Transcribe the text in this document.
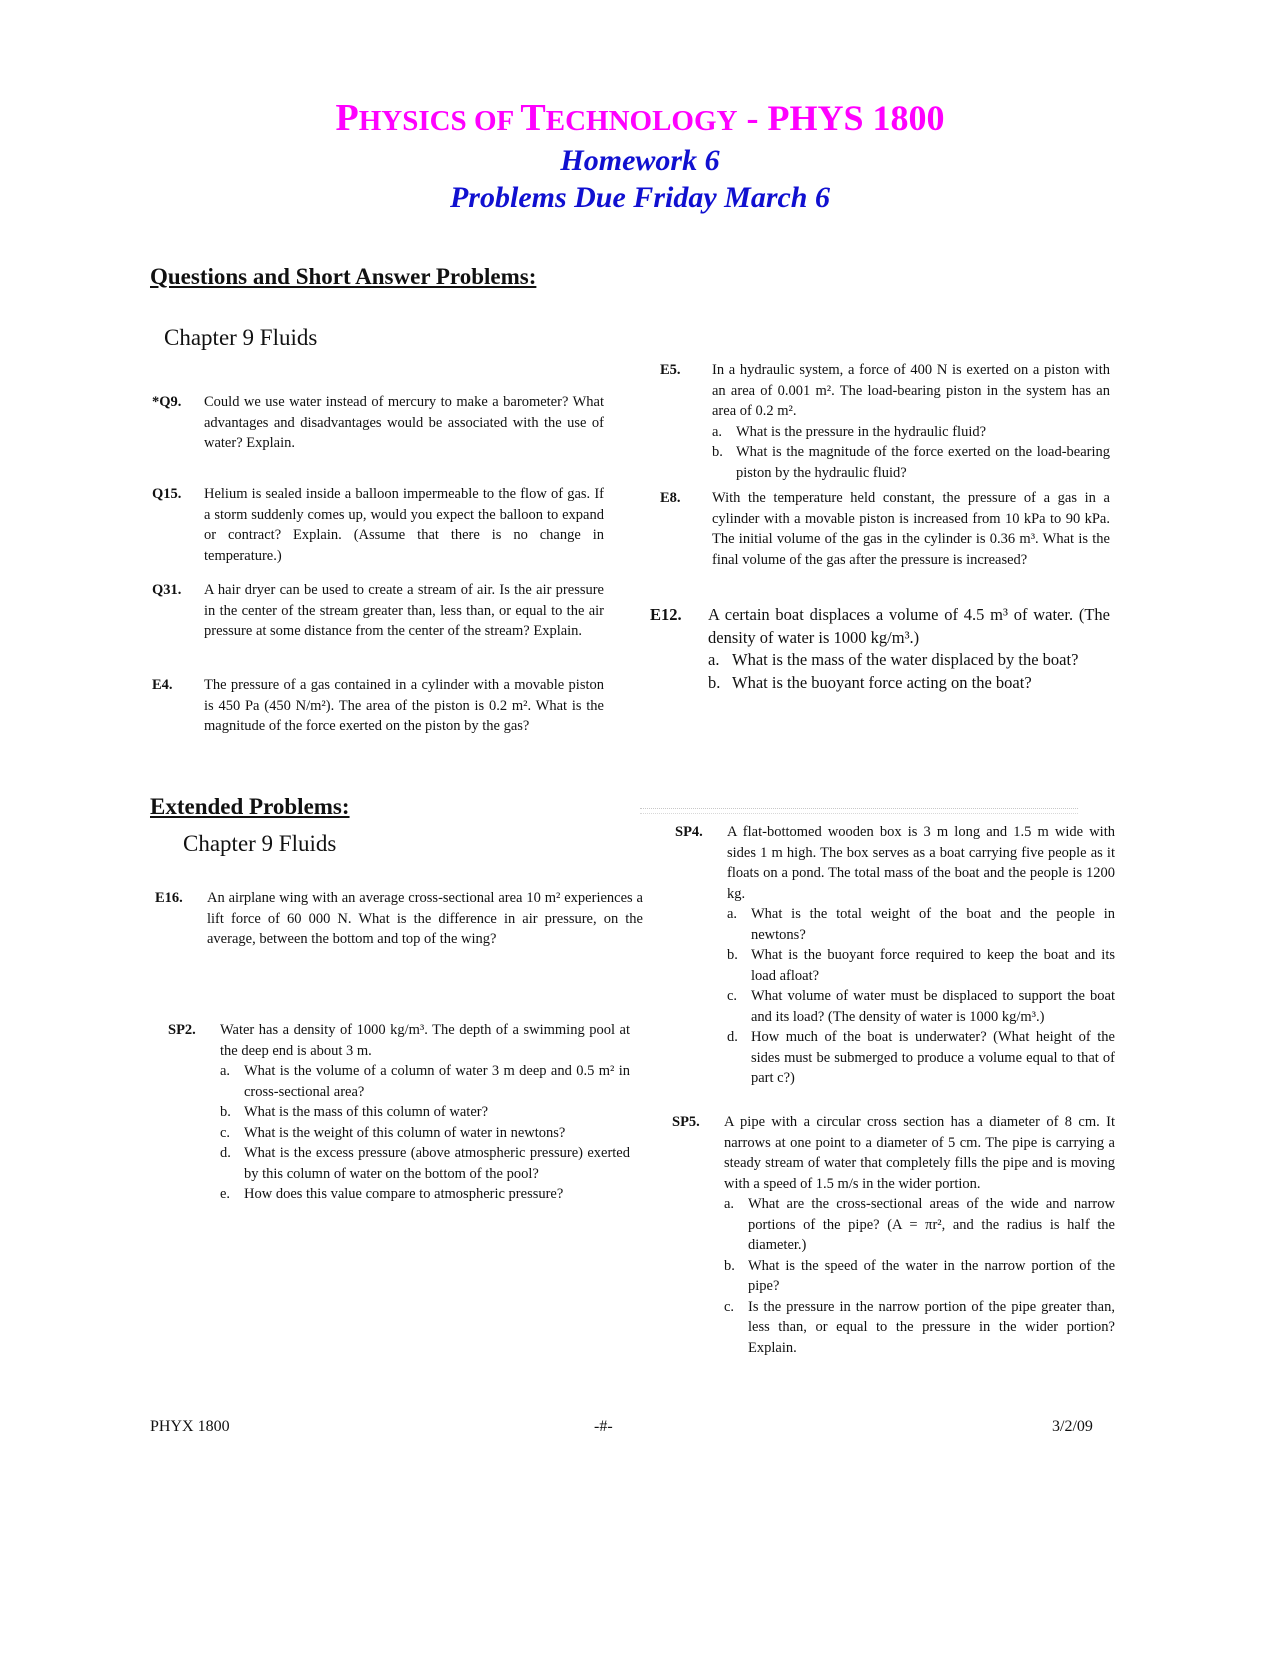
PHYSICS OF TECHNOLOGY - PHYS 1800
Homework 6
Problems Due Friday March 6
Questions and Short Answer Problems:
Chapter 9 Fluids
*Q9. Could we use water instead of mercury to make a barometer? What advantages and disadvantages would be associated with the use of water? Explain.
Q15. Helium is sealed inside a balloon impermeable to the flow of gas. If a storm suddenly comes up, would you expect the balloon to expand or contract? Explain. (Assume that there is no change in temperature.)
Q31. A hair dryer can be used to create a stream of air. Is the air pressure in the center of the stream greater than, less than, or equal to the air pressure at some distance from the center of the stream? Explain.
E4. The pressure of a gas contained in a cylinder with a movable piston is 450 Pa (450 N/m²). The area of the piston is 0.2 m². What is the magnitude of the force exerted on the piston by the gas?
E5. In a hydraulic system, a force of 400 N is exerted on a piston with an area of 0.001 m². The load-bearing piston in the system has an area of 0.2 m².
a. What is the pressure in the hydraulic fluid?
b. What is the magnitude of the force exerted on the load-bearing piston by the hydraulic fluid?
E8. With the temperature held constant, the pressure of a gas in a cylinder with a movable piston is increased from 10 kPa to 90 kPa. The initial volume of the gas in the cylinder is 0.36 m³. What is the final volume of the gas after the pressure is increased?
E12. A certain boat displaces a volume of 4.5 m³ of water. (The density of water is 1000 kg/m³.)
a. What is the mass of the water displaced by the boat?
b. What is the buoyant force acting on the boat?
Extended Problems:
Chapter 9 Fluids
E16. An airplane wing with an average cross-sectional area 10 m² experiences a lift force of 60 000 N. What is the difference in air pressure, on the average, between the bottom and top of the wing?
SP2. Water has a density of 1000 kg/m³. The depth of a swimming pool at the deep end is about 3 m.
a. What is the volume of a column of water 3 m deep and 0.5 m² in cross-sectional area?
b. What is the mass of this column of water?
c. What is the weight of this column of water in newtons?
d. What is the excess pressure (above atmospheric pressure) exerted by this column of water on the bottom of the pool?
e. How does this value compare to atmospheric pressure?
SP4. A flat-bottomed wooden box is 3 m long and 1.5 m wide with sides 1 m high. The box serves as a boat carrying five people as it floats on a pond. The total mass of the boat and the people is 1200 kg.
a. What is the total weight of the boat and the people in newtons?
b. What is the buoyant force required to keep the boat and its load afloat?
c. What volume of water must be displaced to support the boat and its load? (The density of water is 1000 kg/m³.)
d. How much of the boat is underwater? (What height of the sides must be submerged to produce a volume equal to that of part c?)
SP5. A pipe with a circular cross section has a diameter of 8 cm. It narrows at one point to a diameter of 5 cm. The pipe is carrying a steady stream of water that completely fills the pipe and is moving with a speed of 1.5 m/s in the wider portion.
a. What are the cross-sectional areas of the wide and narrow portions of the pipe? (A = πr², and the radius is half the diameter.)
b. What is the speed of the water in the narrow portion of the pipe?
c. Is the pressure in the narrow portion of the pipe greater than, less than, or equal to the pressure in the wider portion? Explain.
PHYX 1800	-#-	3/2/09
